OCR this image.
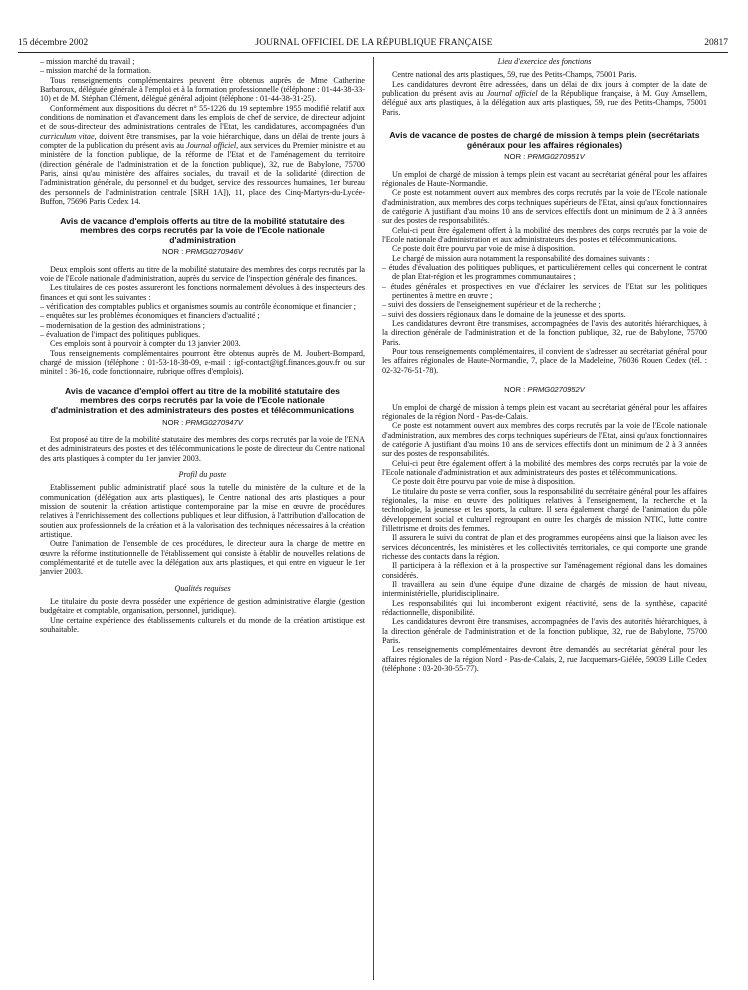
15 décembre 2002	JOURNAL OFFICIEL DE LA RÉPUBLIQUE FRANÇAISE	20817
– mission marché du travail ;
– mission marché de la formation.

Tous renseignements complémentaires peuvent être obtenus auprès de Mme Catherine Barbaroux, déléguée générale à l'emploi et à la formation professionnelle (téléphone : 01-44-38-33-10) et de M. Stéphan Clément, délégué général adjoint (téléphone : 01-44-38-31-25).

Conformément aux dispositions du décret n° 55-1226 du 19 septembre 1955 modifié relatif aux conditions de nomination et d'avancement dans les emplois de chef de service, de directeur adjoint et de sous-directeur des administrations centrales de l'Etat, les candidatures, accompagnées d'un curriculum vitae, doivent être transmises, par la voie hiérarchique, dans un délai de trente jours à compter de la publication du présent avis au Journal officiel, aux services du Premier ministre et au ministère de la fonction publique, de la réforme de l'Etat et de l'aménagement du territoire (direction générale de l'administration et de la fonction publique), 32, rue de Babylone, 75700 Paris, ainsi qu'au ministère des affaires sociales, du travail et de la solidarité (direction de l'administration générale, du personnel et du budget, service des ressources humaines, 1er bureau des personnels de l'administration centrale [SRH 1A]), 11, place des Cinq-Martyrs-du-Lycée-Buffon, 75696 Paris Cedex 14.

Avis de vacance d'emplois offerts au titre de la mobilité statutaire des membres des corps recrutés par la voie de l'Ecole nationale d'administration
NOR : PRMG0270946V

Deux emplois sont offerts au titre de la mobilité statutaire des membres des corps recrutés par la voie de l'Ecole nationale d'administration, auprès du service de l'inspection générale des finances.

Les titulaires de ces postes assureront les fonctions normalement dévolues à des inspecteurs des finances et qui sont les suivantes :

– vérification des comptables publics et organismes soumis au contrôle économique et financier ;
– enquêtes sur les problèmes économiques et financiers d'actualité ;
– modernisation de la gestion des administrations ;
– évaluation de l'impact des politiques publiques.

Ces emplois sont à pourvoir à compter du 13 janvier 2003.

Tous renseignements complémentaires pourront être obtenus auprès de M. Joubert-Bompard, chargé de mission (téléphone : 01-53-18-38-09, e-mail : igf-contact@igf.finances.gouv.fr ou sur minitel : 36-16, code fonctionnaire, rubrique offres d'emplois).

Avis de vacance d'emploi offert au titre de la mobilité statutaire des membres des corps recrutés par la voie de l'Ecole nationale d'administration et des administrateurs des postes et télécommunications
NOR : PRMG0270947V

Est proposé au titre de la mobilité statutaire des membres des corps recrutés par la voie de l'ENA et des administrateurs des postes et des télécommunications le poste de directeur du Centre national des arts plastiques à compter du 1er janvier 2003.

Profil du poste

Etablissement public administratif placé sous la tutelle du ministère de la culture et de la communication (délégation aux arts plastiques), le Centre national des arts plastiques a pour mission de soutenir la création artistique contemporaine par la mise en œuvre de procédures relatives à l'enrichissement des collections publiques et leur diffusion, à l'attribution d'allocation de soutien aux professionnels de la création et à la valorisation des techniques nécessaires à la création artistique.

Outre l'animation de l'ensemble de ces procédures, le directeur aura la charge de mettre en œuvre la réforme institutionnelle de l'établissement qui consiste à établir de nouvelles relations de complémentarité et de tutelle avec la délégation aux arts plastiques, et qui entre en vigueur le 1er janvier 2003.

Qualités requises

Le titulaire du poste devra posséder une expérience de gestion administrative élargie (gestion budgétaire et comptable, organisation, personnel, juridique).

Une certaine expérience des établissements culturels et du monde de la création artistique est souhaitable.

Lieu d'exercice des fonctions

Centre national des arts plastiques, 59, rue des Petits-Champs, 75001 Paris.

Les candidatures devront être adressées, dans un délai de dix jours à compter de la date de publication du présent avis au Journal officiel de la République française, à M. Guy Amsellem, délégué aux arts plastiques, à la délégation aux arts plastiques, 59, rue des Petits-Champs, 75001 Paris.

Avis de vacance de postes de chargé de mission à temps plein (secrétariats généraux pour les affaires régionales)
NOR : PRMG0270951V

Un emploi de chargé de mission à temps plein est vacant au secrétariat général pour les affaires régionales de Haute-Normandie.

Ce poste est notamment ouvert aux membres des corps recrutés par la voie de l'Ecole nationale d'administration, aux membres des corps techniques supérieurs de l'Etat, ainsi qu'aux fonctionnaires de catégorie A justifiant d'au moins 10 ans de services effectifs dont un minimum de 2 à 3 années sur des postes de responsabilités.

Celui-ci peut être également offert à la mobilité des membres des corps recrutés par la voie de l'Ecole nationale d'administration et aux administrateurs des postes et télécommunications.

Ce poste doit être pourvu par voie de mise à disposition.

Le chargé de mission aura notamment la responsabilité des domaines suivants :

– études d'évaluation des politiques publiques, et particulièrement celles qui concernent le contrat de plan Etat-région et les programmes communautaires ;
– études générales et prospectives en vue d'éclairer les services de l'Etat sur les politiques pertinentes à mettre en œuvre ;
– suivi des dossiers de l'enseignement supérieur et de la recherche ;
– suivi des dossiers régionaux dans le domaine de la jeunesse et des sports.

Les candidatures devront être transmises, accompagnées de l'avis des autorités hiérarchiques, à la direction générale de l'administration et de la fonction publique, 32, rue de Babylone, 75700 Paris.

Pour tous renseignements complémentaires, il convient de s'adresser au secrétariat général pour les affaires régionales de Haute-Normandie, 7, place de la Madeleine, 76036 Rouen Cedex (tél. : 02-32-76-51-78).

NOR : PRMG0270952V

Un emploi de chargé de mission à temps plein est vacant au secrétariat général pour les affaires régionales de la région Nord - Pas-de-Calais.

Ce poste est notamment ouvert aux membres des corps recrutés par la voie de l'Ecole nationale d'administration, aux membres des corps techniques supérieurs de l'Etat, ainsi qu'aux fonctionnaires de catégorie A justifiant d'au moins 10 ans de services effectifs dont un minimum de 2 à 3 années sur des postes de responsabilités.

Celui-ci peut être également offert à la mobilité des membres des corps recrutés par la voie de l'Ecole nationale d'administration et aux administrateurs des postes et télécommunications.

Ce poste doit être pourvu par voie de mise à disposition.

Le titulaire du poste se verra confier, sous la responsabilité du secrétaire général pour les affaires régionales, la mise en œuvre des politiques relatives à l'enseignement, la recherche et la technologie, la jeunesse et les sports, la culture. Il sera également chargé de l'animation du pôle développement social et culturel regroupant en outre les chargés de mission NTIC, lutte contre l'illettrisme et droits des femmes.

Il assurera le suivi du contrat de plan et des programmes européens ainsi que la liaison avec les services déconcentrés, les ministères et les collectivités territoriales, ce qui comporte une grande richesse des contacts dans la région.

Il participera à la réflexion et à la prospective sur l'aménagement régional dans les domaines considérés.

Il travaillera au sein d'une équipe d'une dizaine de chargés de mission de haut niveau, interministérielle, pluridisciplinaire.

Les responsabilités qui lui incomberont exigent réactivité, sens de la synthèse, capacité rédactionnelle, disponibilité.

Les candidatures devront être transmises, accompagnées de l'avis des autorités hiérarchiques, à la direction générale de l'administration et de la fonction publique, 32, rue de Babylone, 75700 Paris.

Les renseignements complémentaires devront être demandés au secrétariat général pour les affaires régionales de la région Nord - Pas-de-Calais, 2, rue Jacquemars-Giélée, 59039 Lille Cedex (téléphone : 03-20-30-55-77).
